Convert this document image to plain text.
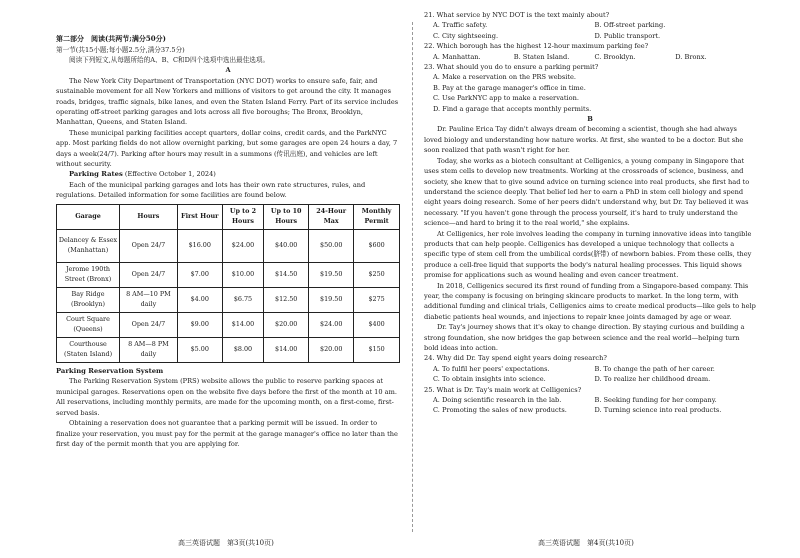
第二部分　阅读(共两节;满分50分)

第一节(共15小题;每小题2.5分,满分37.5分)

阅读下列短文,从每题所给的A、B、C和D四个选项中选出最佳选项。

A

The New York City Department of Transportation (NYC DOT) works to ensure safe, fair, and sustainable movement for all New Yorkers and millions of visitors to get around the city. It manages roads, bridges, traffic signals, bike lanes, and even the Staten Island Ferry. Part of its service includes operating off-street parking garages and lots across all five boroughs; The Bronx, Brooklyn, Manhattan, Queens, and Staten Island.

These municipal parking facilities accept quarters, dollar coins, credit cards, and the ParkNYC app. Most parking fields do not allow overnight parking, but some garages are open 24 hours a day, 7 days a week(24/7). Parking after hours may result in a summons (传讯出庭), and vehicles are left without security.

Parking Rates (Effective October 1, 2024)

Each of the municipal parking garages and lots has their own rate structures, rules, and regulations. Detailed information for some facilities are found below.

Garage	Hours	First Hour	Up to 2 Hours	Up to 10 Hours	24-Hour Max	Monthly Permit
Delancey & Essex (Manhattan)	Open 24/7	$16.00	$24.00	$40.00	$50.00	$600
Jerome 190th Street (Bronx)	Open 24/7	$7.00	$10.00	$14.50	$19.50	$250
Bay Ridge (Brooklyn)	8 AM—10 PM daily	$4.00	$6.75	$12.50	$19.50	$275
Court Square (Queens)	Open 24/7	$9.00	$14.00	$20.00	$24.00	$400
Courthouse (Staten Island)	8 AM—8 PM daily	$5.00	$8.00	$14.00	$20.00	$150

Parking Reservation System

The Parking Reservation System (PRS) website allows the public to reserve parking spaces at municipal garages. Reservations open on the website five days before the first of the month at 10 am. All reservations, including monthly permits, are made for the upcoming month, on a first-come, first-served basis.

Obtaining a reservation does not guarantee that a parking permit will be issued. In order to finalize your reservation, you must pay for the permit at the garage manager's office no later than the first day of the permit month that you are applying for.

高三英语试题　第3页(共10页)

21. What service by NYC DOT is the text mainly about?

A. Traffic safety.	B. Off-street parking.
C. City sightseeing.	D. Public transport.

22. Which borough has the highest 12-hour maximum parking fee?

A. Manhattan.	B. Staten Island.	C. Brooklyn.	D. Bronx.

23. What should you do to ensure a parking permit?

A. Make a reservation on the PRS website.

B. Pay at the garage manager's office in time.

C. Use ParkNYC app to make a reservation.

D. Find a garage that accepts monthly permits.

B

Dr. Pauline Erica Tay didn't always dream of becoming a scientist, though she had always loved biology and understanding how nature works. At first, she wanted to be a doctor. But she soon realized that path wasn't right for her.

Today, she works as a biotech consultant at Celligenics, a young company in Singapore that uses stem cells to develop new treatments. Working at the crossroads of science, business, and society, she knew that to give sound advice on turning science into real products, she first had to understand the science deeply. That belief led her to earn a PhD in stem cell biology and spend eight years doing research. Some of her peers didn't understand why, but Dr. Tay believed it was necessary. "If you haven't gone through the process yourself, it's hard to truly understand the science—and hard to bring it to the real world," she explains.

At Celligenics, her role involves leading the company in turning innovative ideas into tangible products that can help people. Celligenics has developed a unique technology that collects a specific type of stem cell from the umbilical cords(脐带) of newborn babies. From these cells, they produce a cell-free liquid that supports the body's natural healing processes. This liquid shows promise for applications such as wound healing and even cancer treatment.

In 2018, Celligenics secured its first round of funding from a Singapore-based company. This year, the company is focusing on bringing skincare products to market. In the long term, with additional funding and clinical trials, Celligenics aims to create medical products—like gels to help diabetic patients heal wounds, and injections to repair knee joints damaged by age or wear.

Dr. Tay's journey shows that it's okay to change direction. By staying curious and building a strong foundation, she now bridges the gap between science and the real world—helping turn bold ideas into action.

24. Why did Dr. Tay spend eight years doing research?

A. To fulfil her peers' expectations.	B. To change the path of her career.
C. To obtain insights into science.	D. To realize her childhood dream.

25. What is Dr. Tay's main work at Celligenics?

A. Doing scientific research in the lab.	B. Seeking funding for her company.
C. Promoting the sales of new products.	D. Turning science into real products.
高三英语试题　第4页(共10页)
